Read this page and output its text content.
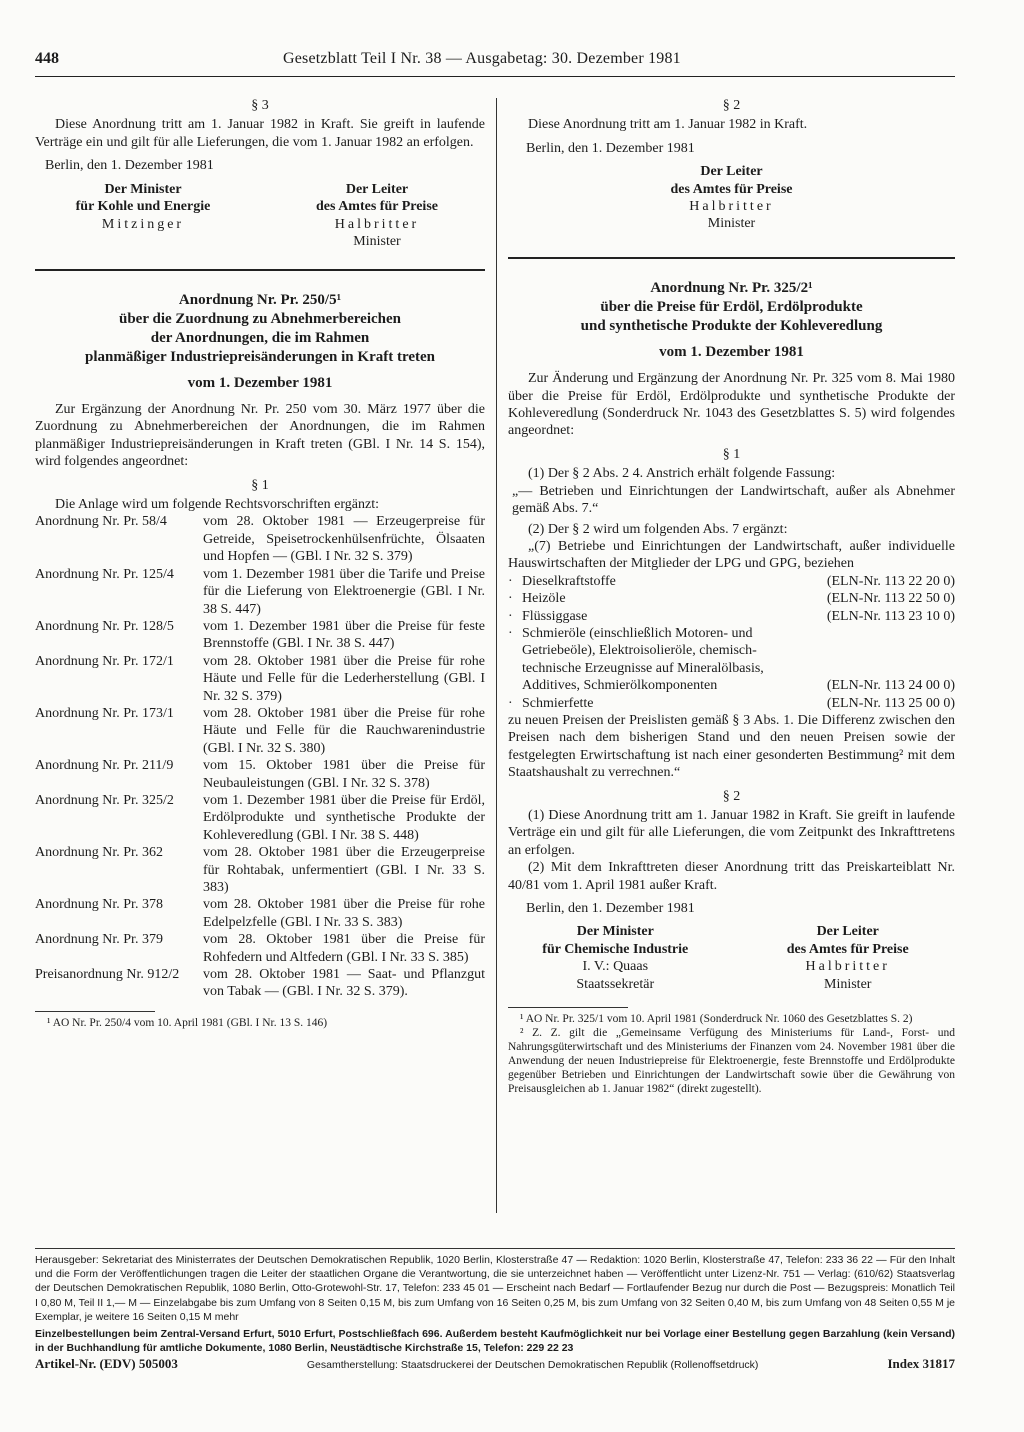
448	Gesetzblatt Teil I Nr. 38 — Ausgabetag: 30. Dezember 1981

§ 3

Diese Anordnung tritt am 1. Januar 1982 in Kraft. Sie greift in laufende Verträge ein und gilt für alle Lieferungen, die vom 1. Januar 1982 an erfolgen.

Berlin, den 1. Dezember 1981

Der Minister
für Kohle und Energie
Mitzinger
Der Leiter
des Amtes für Preise
Halbritter
Minister
Anordnung Nr. Pr. 250/5¹
über die Zuordnung zu Abnehmerbereichen
der Anordnungen, die im Rahmen
planmäßiger Industriepreisänderungen in Kraft treten
vom 1. Dezember 1981

Zur Ergänzung der Anordnung Nr. Pr. 250 vom 30. März 1977 über die Zuordnung zu Abnehmerbereichen der Anordnungen, die im Rahmen planmäßiger Industriepreisänderungen in Kraft treten (GBl. I Nr. 14 S. 154), wird folgendes angeordnet:

§ 1

Die Anlage wird um folgende Rechtsvorschriften ergänzt:

Anordnung Nr. Pr. 58/4	vom 28. Oktober 1981 — Erzeugerpreise für Getreide, Speisetrockenhülsenfrüchte, Ölsaaten und Hopfen — (GBl. I Nr. 32 S. 379)
Anordnung Nr. Pr. 125/4	vom 1. Dezember 1981 über die Tarife und Preise für die Lieferung von Elektroenergie (GBl. I Nr. 38 S. 447)
Anordnung Nr. Pr. 128/5	vom 1. Dezember 1981 über die Preise für feste Brennstoffe (GBl. I Nr. 38 S. 447)
Anordnung Nr. Pr. 172/1	vom 28. Oktober 1981 über die Preise für rohe Häute und Felle für die Lederherstellung (GBl. I Nr. 32 S. 379)
Anordnung Nr. Pr. 173/1	vom 28. Oktober 1981 über die Preise für rohe Häute und Felle für die Rauchwarenindustrie (GBl. I Nr. 32 S. 380)
Anordnung Nr. Pr. 211/9	vom 15. Oktober 1981 über die Preise für Neubauleistungen (GBl. I Nr. 32 S. 378)
Anordnung Nr. Pr. 325/2	vom 1. Dezember 1981 über die Preise für Erdöl, Erdölprodukte und synthetische Produkte der Kohleveredlung (GBl. I Nr. 38 S. 448)
Anordnung Nr. Pr. 362	vom 28. Oktober 1981 über die Erzeugerpreise für Rohtabak, unfermentiert (GBl. I Nr. 33 S. 383)
Anordnung Nr. Pr. 378	vom 28. Oktober 1981 über die Preise für rohe Edelpelzfelle (GBl. I Nr. 33 S. 383)
Anordnung Nr. Pr. 379	vom 28. Oktober 1981 über die Preise für Rohfedern und Altfedern (GBl. I Nr. 33 S. 385)
Preisanordnung Nr. 912/2	vom 28. Oktober 1981 — Saat- und Pflanzgut von Tabak — (GBl. I Nr. 32 S. 379).

¹ AO Nr. Pr. 250/4 vom 10. April 1981 (GBl. I Nr. 13 S. 146)

§ 2

Diese Anordnung tritt am 1. Januar 1982 in Kraft.

Berlin, den 1. Dezember 1981

Der Leiter
des Amtes für Preise
Halbritter
Minister
Anordnung Nr. Pr. 325/2¹
über die Preise für Erdöl, Erdölprodukte
und synthetische Produkte der Kohleveredlung
vom 1. Dezember 1981

Zur Änderung und Ergänzung der Anordnung Nr. Pr. 325 vom 8. Mai 1980 über die Preise für Erdöl, Erdölprodukte und synthetische Produkte der Kohleveredlung (Sonderdruck Nr. 1043 des Gesetzblattes S. 5) wird folgendes angeordnet:

§ 1

(1) Der § 2 Abs. 2 4. Anstrich erhält folgende Fassung:

„— Betrieben und Einrichtungen der Landwirtschaft, außer als Abnehmer gemäß Abs. 7.“

(2) Der § 2 wird um folgenden Abs. 7 ergänzt:

„(7) Betriebe und Einrichtungen der Landwirtschaft, außer individuelle Hauswirtschaften der Mitglieder der LPG und GPG, beziehen

· Dieselkraftstoffe	(ELN-Nr. 113 22 20 0)
· Heizöle	(ELN-Nr. 113 22 50 0)
· Flüssiggase	(ELN-Nr. 113 23 10 0)
· Schmieröle (einschließlich Motoren- und Getriebeöle), Elektroisolieröle, chemisch-technische Erzeugnisse auf Mineralölbasis, Additives, Schmierölkomponenten	(ELN-Nr. 113 24 00 0)
· Schmierfette	(ELN-Nr. 113 25 00 0)

zu neuen Preisen der Preislisten gemäß § 3 Abs. 1. Die Differenz zwischen den Preisen nach dem bisherigen Stand und den neuen Preisen sowie der festgelegten Erwirtschaftung ist nach einer gesonderten Bestimmung² mit dem Staatshaushalt zu verrechnen.“

§ 2

(1) Diese Anordnung tritt am 1. Januar 1982 in Kraft. Sie greift in laufende Verträge ein und gilt für alle Lieferungen, die vom Zeitpunkt des Inkrafttretens an erfolgen.

(2) Mit dem Inkrafttreten dieser Anordnung tritt das Preiskarteiblatt Nr. 40/81 vom 1. April 1981 außer Kraft.

Berlin, den 1. Dezember 1981

Der Minister
für Chemische Industrie
I. V.: Quaas
Staatssekretär
Der Leiter
des Amtes für Preise
Halbritter
Minister

¹ AO Nr. Pr. 325/1 vom 10. April 1981 (Sonderdruck Nr. 1060 des Gesetzblattes S. 2)

² Z. Z. gilt die „Gemeinsame Verfügung des Ministeriums für Land-, Forst- und Nahrungsgüterwirtschaft und des Ministeriums der Finanzen vom 24. November 1981 über die Anwendung der neuen Industriepreise für Elektroenergie, feste Brennstoffe und Erdölprodukte gegenüber Betrieben und Einrichtungen der Landwirtschaft sowie über die Gewährung von Preisausgleichen ab 1. Januar 1982“ (direkt zugestellt).

Herausgeber: Sekretariat des Ministerrates der Deutschen Demokratischen Republik, 1020 Berlin, Klosterstraße 47 — Redaktion: 1020 Berlin, Klosterstraße 47, Telefon: 233 36 22 — Für den Inhalt und die Form der Veröffentlichungen tragen die Leiter der staatlichen Organe die Verantwortung, die sie unterzeichnet haben — Veröffentlicht unter Lizenz-Nr. 751 — Verlag: (610/62) Staatsverlag der Deutschen Demokratischen Republik, 1080 Berlin, Otto-Grotewohl-Str. 17, Telefon: 233 45 01 — Erscheint nach Bedarf — Fortlaufender Bezug nur durch die Post — Bezugspreis: Monatlich Teil I 0,80 M, Teil II 1,— M — Einzelabgabe bis zum Umfang von 8 Seiten 0,15 M, bis zum Umfang von 16 Seiten 0,25 M, bis zum Umfang von 32 Seiten 0,40 M, bis zum Umfang von 48 Seiten 0,55 M je Exemplar, je weitere 16 Seiten 0,15 M mehr

Einzelbestellungen beim Zentral-Versand Erfurt, 5010 Erfurt, Postschließfach 696. Außerdem besteht Kaufmöglichkeit nur bei Vorlage einer Bestellung gegen Barzahlung (kein Versand) in der Buchhandlung für amtliche Dokumente, 1080 Berlin, Neustädtische Kirchstraße 15, Telefon: 229 22 23

Artikel-Nr. (EDV) 505003	Gesamtherstellung: Staatsdruckerei der Deutschen Demokratischen Republik (Rollenoffsetdruck)	Index 31817
